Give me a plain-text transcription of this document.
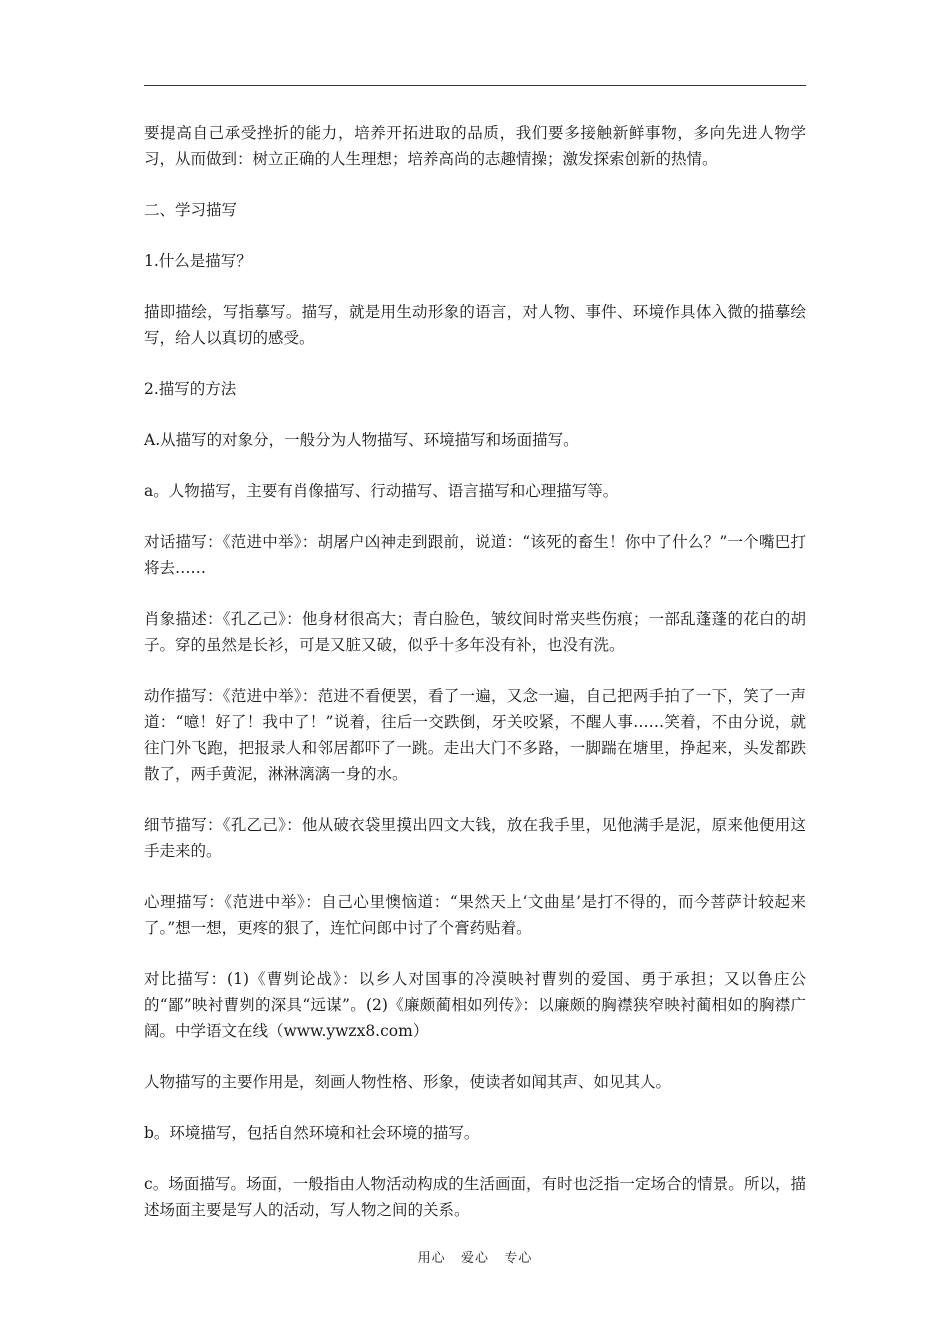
要提高自己承受挫折的能力，培养开拓进取的品质，我们要多接触新鲜事物，多向先进人物学习，从而做到：树立正确的人生理想；培养高尚的志趣情操；激发探索创新的热情。

二、学习描写

1.什么是描写？

描即描绘，写指摹写。描写，就是用生动形象的语言，对人物、事件、环境作具体入微的描摹绘写，给人以真切的感受。

2.描写的方法

A.从描写的对象分，一般分为人物描写、环境描写和场面描写。

a。人物描写，主要有肖像描写、行动描写、语言描写和心理描写等。

对话描写：《范进中举》：胡屠户凶神走到跟前，说道：“该死的畜生！你中了什么？”一个嘴巴打将去……

肖象描述：《孔乙己》：他身材很高大；青白脸色，皱纹间时常夹些伤痕；一部乱蓬蓬的花白的胡子。穿的虽然是长衫，可是又脏又破，似乎十多年没有补，也没有洗。

动作描写：《范进中举》：范进不看便罢，看了一遍，又念一遍，自己把两手拍了一下，笑了一声道：“噫！好了！我中了！”说着，往后一交跌倒，牙关咬紧，不醒人事……笑着，不由分说，就往门外飞跑，把报录人和邻居都吓了一跳。走出大门不多路，一脚踹在塘里，挣起来，头发都跌散了，两手黄泥，淋淋漓漓一身的水。

细节描写：《孔乙己》：他从破衣袋里摸出四文大钱，放在我手里，见他满手是泥，原来他便用这手走来的。

心理描写：《范进中举》：自己心里懊恼道：“果然天上‘文曲星’是打不得的，而今菩萨计较起来了。”想一想，更疼的狠了，连忙问郎中讨了个膏药贴着。

对比描写：(1)《曹刿论战》：以乡人对国事的冷漠映衬曹刿的爱国、勇于承担；又以鲁庄公的“鄙”映衬曹刿的深具“远谋”。(2)《廉颇蔺相如列传》：以廉颇的胸襟狭窄映衬蔺相如的胸襟广阔。中学语文在线（www.ywzx8.com）

人物描写的主要作用是，刻画人物性格、形象，使读者如闻其声、如见其人。

b。环境描写，包括自然环境和社会环境的描写。

c。场面描写。场面，一般指由人物活动构成的生活画面，有时也泛指一定场合的情景。所以，描述场面主要是写人的活动，写人物之间的关系。

用心   爱心   专心
